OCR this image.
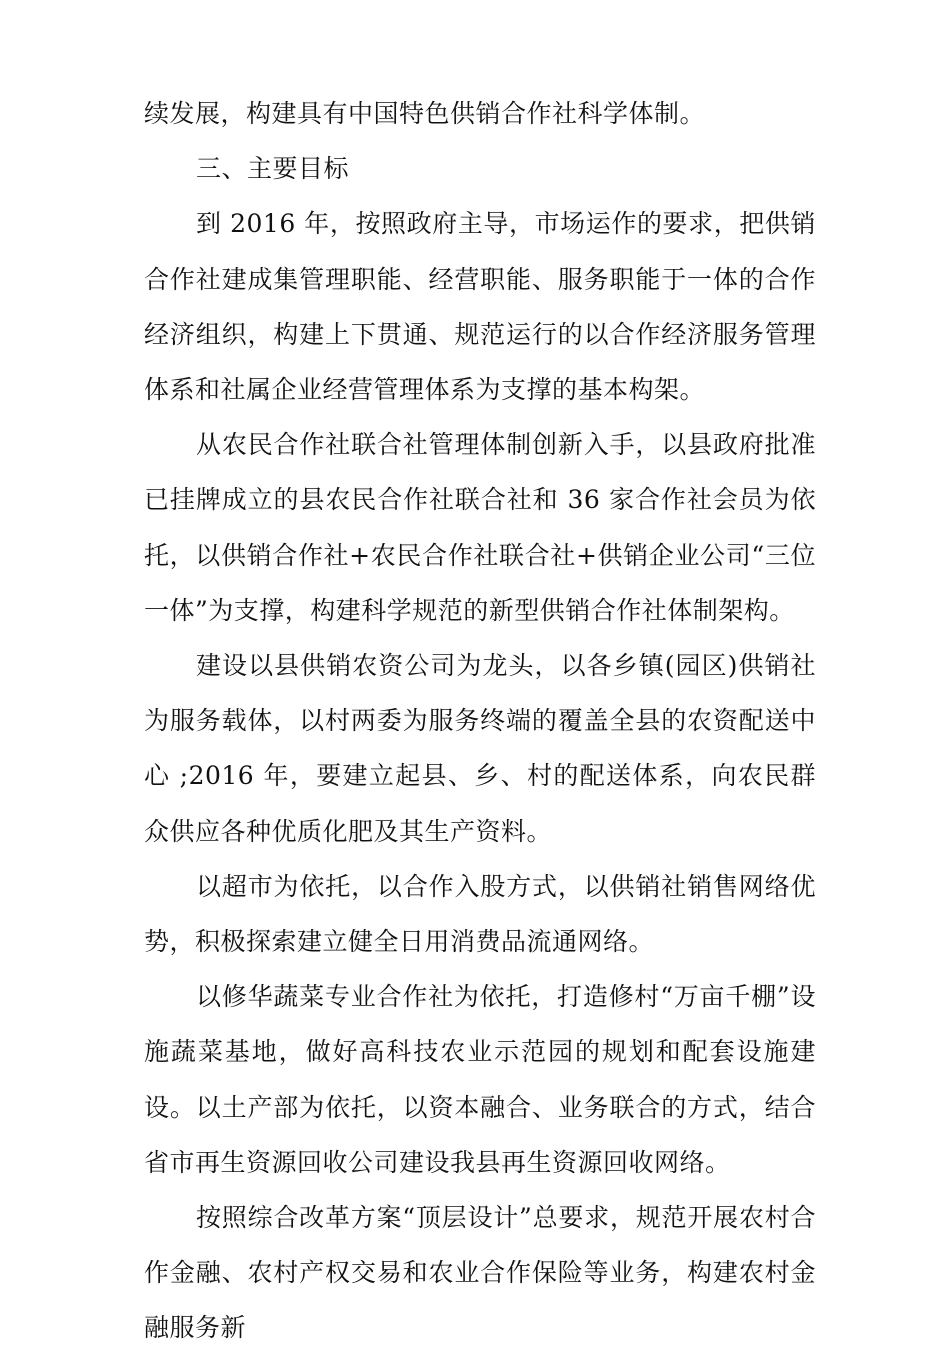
续发展，构建具有中国特色供销合作社科学体制。

三、主要目标

到 2016 年，按照政府主导，市场运作的要求，把供销合作社建成集管理职能、经营职能、服务职能于一体的合作经济组织，构建上下贯通、规范运行的以合作经济服务管理体系和社属企业经营管理体系为支撑的基本构架。

从农民合作社联合社管理体制创新入手，以县政府批准已挂牌成立的县农民合作社联合社和 36 家合作社会员为依托，以供销合作社+农民合作社联合社+供销企业公司“三位一体”为支撑，构建科学规范的新型供销合作社体制架构。

建设以县供销农资公司为龙头，以各乡镇(园区)供销社为服务载体，以村两委为服务终端的覆盖全县的农资配送中心 ;2016 年，要建立起县、乡、村的配送体系，向农民群众供应各种优质化肥及其生产资料。

以超市为依托，以合作入股方式，以供销社销售网络优势，积极探索建立健全日用消费品流通网络。

以修华蔬菜专业合作社为依托，打造修村“万亩千棚”设施蔬菜基地，做好高科技农业示范园的规划和配套设施建设。以土产部为依托，以资本融合、业务联合的方式，结合省市再生资源回收公司建设我县再生资源回收网络。

按照综合改革方案“顶层设计”总要求，规范开展农村合作金融、农村产权交易和农业合作保险等业务，构建农村金融服务新
